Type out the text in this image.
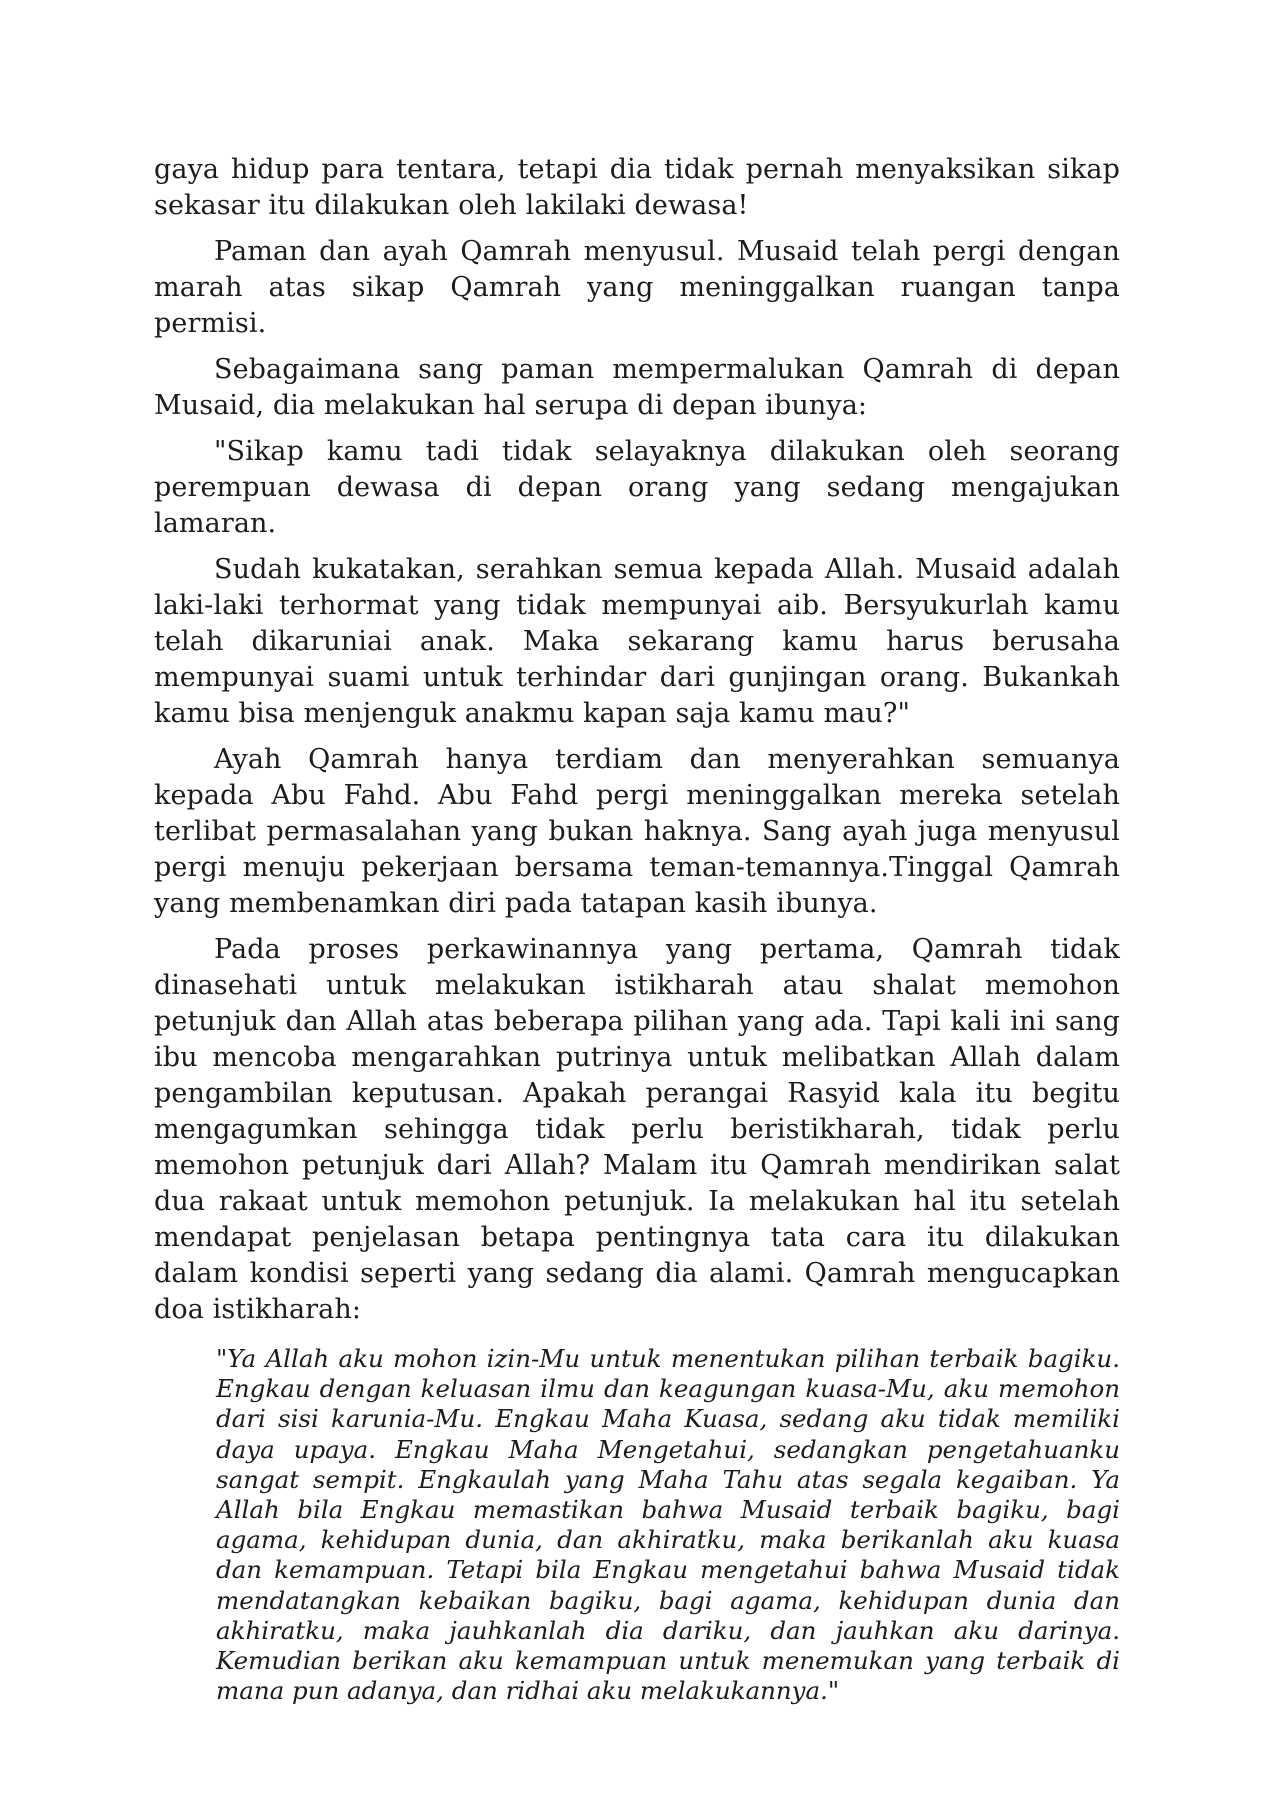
gaya hidup para tentara, tetapi dia tidak pernah menyaksikan sikap sekasar itu dilakukan oleh lakilaki dewasa!

Paman dan ayah Qamrah menyusul. Musaid telah pergi dengan marah atas sikap Qamrah yang meninggalkan ruangan tanpa permisi.

Sebagaimana sang paman mempermalukan Qamrah di depan Musaid, dia melakukan hal serupa di depan ibunya:

"Sikap kamu tadi tidak selayaknya dilakukan oleh seorang perempuan dewasa di depan orang yang sedang mengajukan lamaran.

Sudah kukatakan, serahkan semua kepada Allah. Musaid adalah laki-laki terhormat yang tidak mempunyai aib. Bersyukurlah kamu telah dikaruniai anak. Maka sekarang kamu harus berusaha mempunyai suami untuk terhindar dari gunjingan orang. Bukankah kamu bisa menjenguk anakmu kapan saja kamu mau?"

Ayah Qamrah hanya terdiam dan menyerahkan semuanya kepada Abu Fahd. Abu Fahd pergi meninggalkan mereka setelah terlibat permasalahan yang bukan haknya. Sang ayah juga menyusul pergi menuju pekerjaan bersama teman-temannya.Tinggal Qamrah yang membenamkan diri pada tatapan kasih ibunya.

Pada proses perkawinannya yang pertama, Qamrah tidak dinasehati untuk melakukan istikharah atau shalat memohon petunjuk dan Allah atas beberapa pilihan yang ada. Tapi kali ini sang ibu mencoba mengarahkan putrinya untuk melibatkan Allah dalam pengambilan keputusan. Apakah perangai Rasyid kala itu begitu mengagumkan sehingga tidak perlu beristikharah, tidak perlu memohon petunjuk dari Allah? Malam itu Qamrah mendirikan salat dua rakaat untuk memohon petunjuk. Ia melakukan hal itu setelah mendapat penjelasan betapa pentingnya tata cara itu dilakukan dalam kondisi seperti yang sedang dia alami. Qamrah mengucapkan doa istikharah:

"Ya Allah aku mohon izin-Mu untuk menentukan pilihan terbaik bagiku. Engkau dengan keluasan ilmu dan keagungan kuasa-Mu, aku memohon dari sisi karunia-Mu. Engkau Maha Kuasa, sedang aku tidak memiliki daya upaya. Engkau Maha Mengetahui, sedangkan pengetahuanku sangat sempit. Engkaulah yang Maha Tahu atas segala kegaiban. Ya Allah bila Engkau memastikan bahwa Musaid terbaik bagiku, bagi agama, kehidupan dunia, dan akhiratku, maka berikanlah aku kuasa dan kemampuan. Tetapi bila Engkau mengetahui bahwa Musaid tidak mendatangkan kebaikan bagiku, bagi agama, kehidupan dunia dan akhiratku, maka jauhkanlah dia dariku, dan jauhkan aku darinya. Kemudian berikan aku kemampuan untuk menemukan yang terbaik di mana pun adanya, dan ridhai aku melakukannya."
